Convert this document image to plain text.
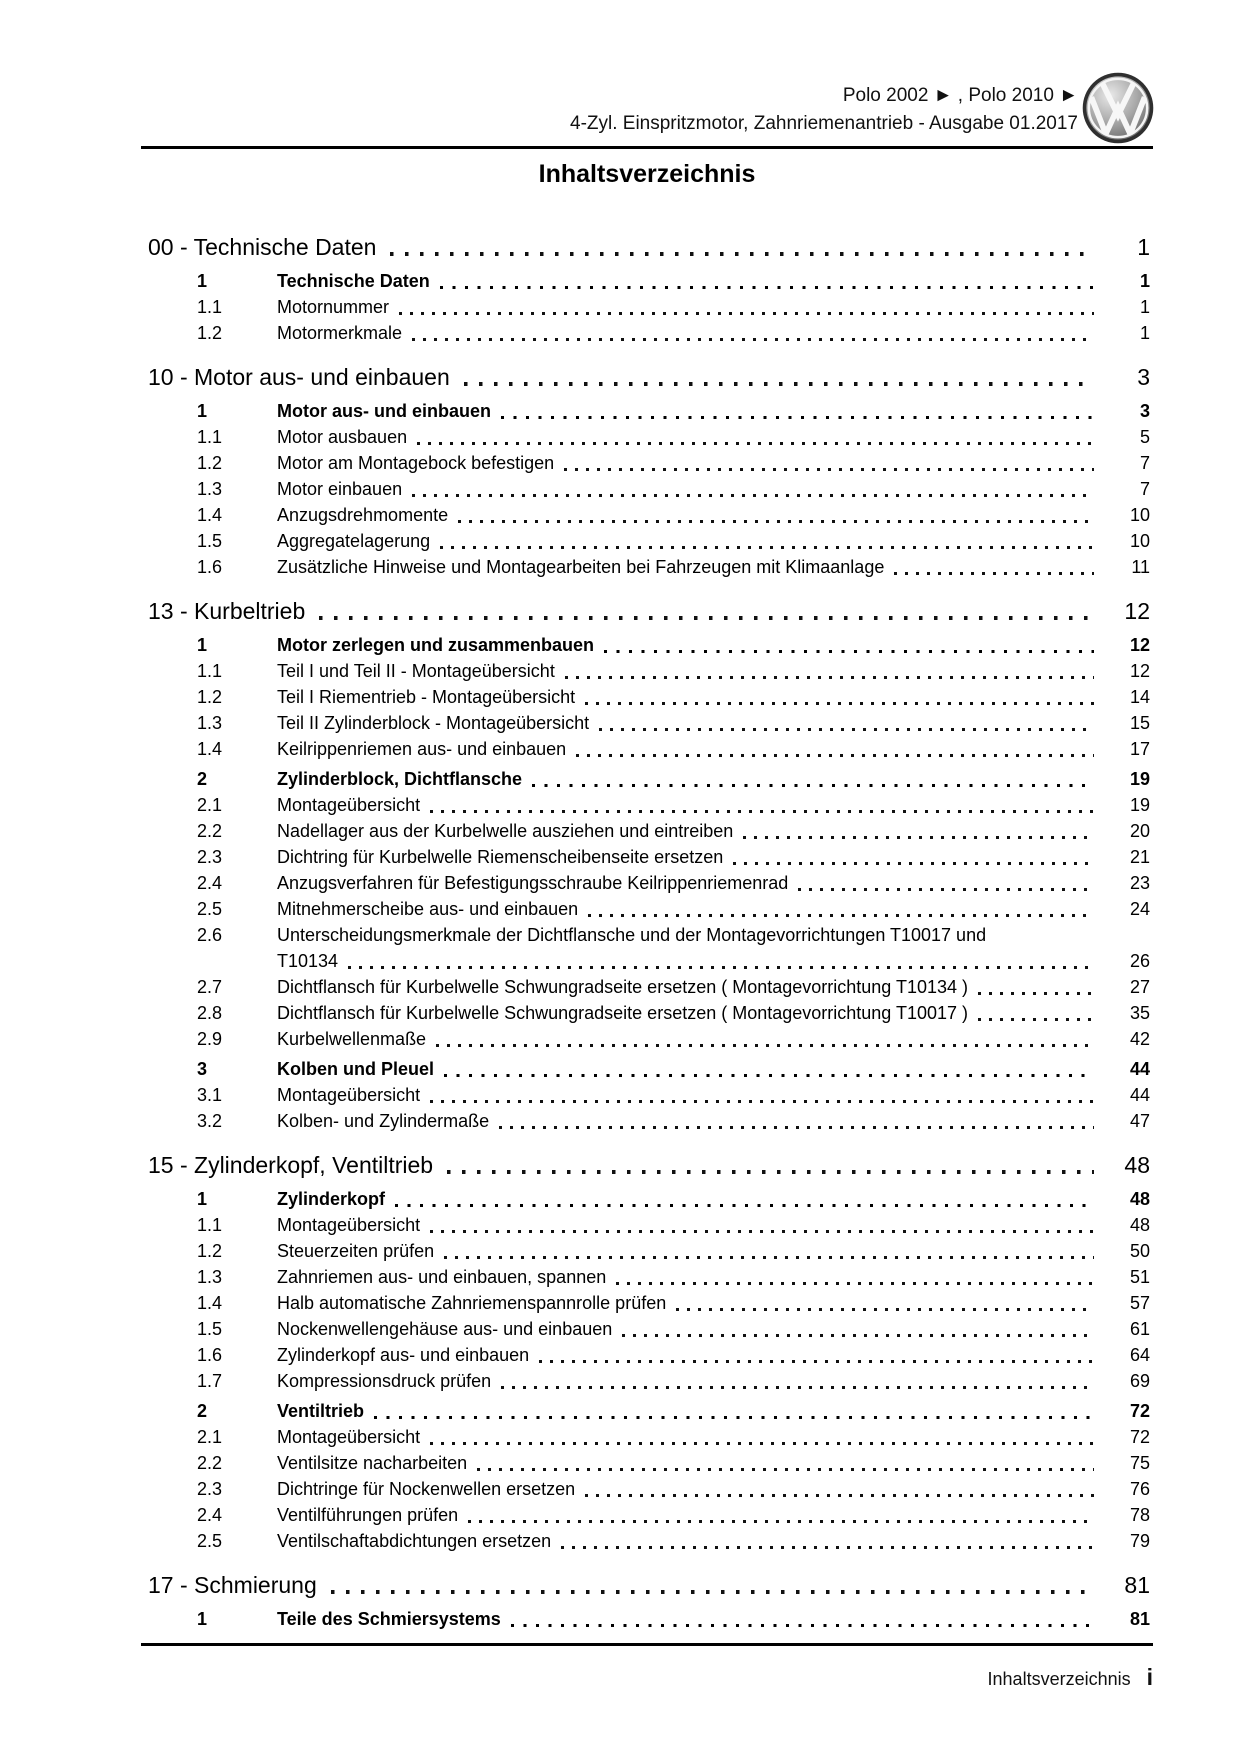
Polo 2002 ► , Polo 2010 ►
4-Zyl. Einspritzmotor, Zahnriemenantrieb - Ausgabe 01.2017
Inhaltsverzeichnis
00 - Technische Daten	1
1	Technische Daten	1
1.1	Motornummer	1
1.2	Motormerkmale	1
10 - Motor aus- und einbauen	3
1	Motor aus- und einbauen	3
1.1	Motor ausbauen	5
1.2	Motor am Montagebock befestigen	7
1.3	Motor einbauen	7
1.4	Anzugsdrehmomente	10
1.5	Aggregatelagerung	10
1.6	Zusätzliche Hinweise und Montagearbeiten bei Fahrzeugen mit Klimaanlage	11
13 - Kurbeltrieb	12
1	Motor zerlegen und zusammenbauen	12
1.1	Teil I und Teil II - Montageübersicht	12
1.2	Teil I Riementrieb - Montageübersicht	14
1.3	Teil II Zylinderblock - Montageübersicht	15
1.4	Keilrippenriemen aus- und einbauen	17
2	Zylinderblock, Dichtflansche	19
2.1	Montageübersicht	19
2.2	Nadellager aus der Kurbelwelle ausziehen und eintreiben	20
2.3	Dichtring für Kurbelwelle Riemenscheibenseite ersetzen	21
2.4	Anzugsverfahren für Befestigungsschraube Keilrippenriemenrad	23
2.5	Mitnehmerscheibe aus- und einbauen	24
2.6	Unterscheidungsmerkmale der Dichtflansche und der Montagevorrichtungen T10017 und
T10134	26
2.7	Dichtflansch für Kurbelwelle Schwungradseite ersetzen ( Montagevorrichtung T10134 )	27
2.8	Dichtflansch für Kurbelwelle Schwungradseite ersetzen ( Montagevorrichtung T10017 )	35
2.9	Kurbelwellenmaße	42
3	Kolben und Pleuel	44
3.1	Montageübersicht	44
3.2	Kolben- und Zylindermaße	47
15 - Zylinderkopf, Ventiltrieb	48
1	Zylinderkopf	48
1.1	Montageübersicht	48
1.2	Steuerzeiten prüfen	50
1.3	Zahnriemen aus- und einbauen, spannen	51
1.4	Halb automatische Zahnriemenspannrolle prüfen	57
1.5	Nockenwellengehäuse aus- und einbauen	61
1.6	Zylinderkopf aus- und einbauen	64
1.7	Kompressionsdruck prüfen	69
2	Ventiltrieb	72
2.1	Montageübersicht	72
2.2	Ventilsitze nacharbeiten	75
2.3	Dichtringe für Nockenwellen ersetzen	76
2.4	Ventilführungen prüfen	78
2.5	Ventilschaftabdichtungen ersetzen	79
17 - Schmierung	81
1	Teile des Schmiersystems	81
Inhaltsverzeichnis i
